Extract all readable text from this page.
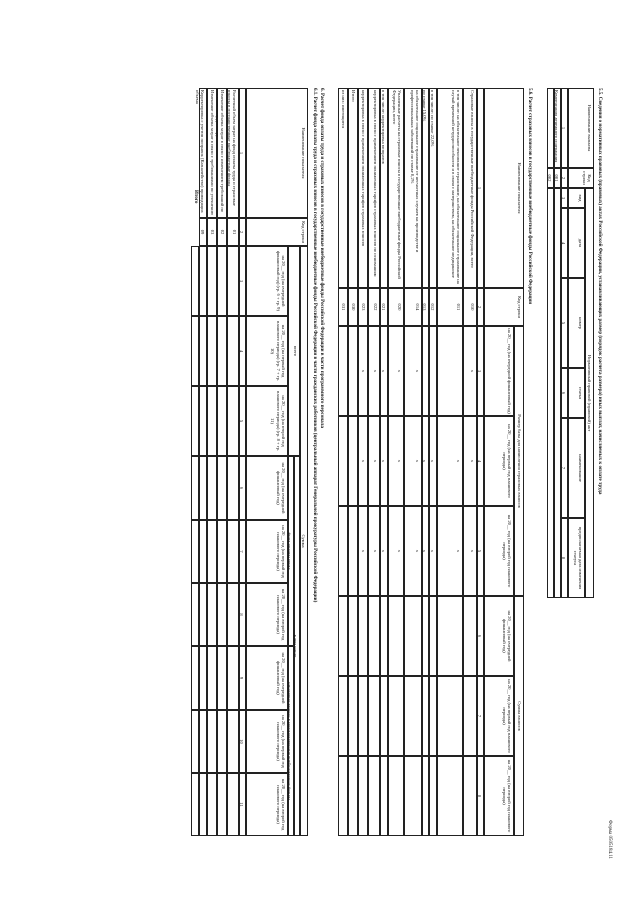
Форма 0505184.11
5.5. Сведения о нормативных правовых (правовых) актах Российской Федерации, устанавливающих размер (порядок расчета размера) иных выплат, начисляемых к оплате труда
Наименование выплаты
Код строки
Нормативный правовой (правовой) акт
вид
дата
номер
статья
наименование
предполагаемая дата изменения статуса
1
2
3
4
5
6
7
8
Компенсация денежного содержания
001
002
5.6. Расчет страховых взносов в государственные внебюджетные фонды Российской Федерации
Наименование показателя
Код строки
Размер базы для начисления страховых взносов
Сумма взносов
на 20__ год (на очередной финансовый год)
на 20__ год (на первый год планового периода)
на 20__ год (на второй год планового периода)
на 20__ год (на очередной финансовый год)
на 20__ год (на первый год планового периода)
на 20__ год (на второй год планового периода)
1
2
3
4
5
6
7
8
Страховые взносы в государственные внебюджетные фонды Российской Федерации, всего
010
x
x
x
в том числе: на обязательное пенсионное страхование, на обязательное социальное страхование на случай временной нетрудоспособности и в связи с материнством, на обязательное медицинское
011
x
x
в том числе: по ставке 22,0%
012
x
x
по ставке 15,0%
013
x
x
на обязательное социальное страхование от несчастных случаев на производстве и профессиональных заболеваний по ставке 0,2%
014
x
x
x
Уплаченные расчеты на страховые взносы в государственные внебюджетные фонды Российской Федерации, всего
020
x
x
x
в том числе: корректировка возвратов
021
x
x
x
корректировка в связи с применением пониженных тарифов страховых взносов по основаниям
022
x
x
x
корректировка в связи с применением пониженных тарифов страховых взносов
023
x
x
x
Итого
030
из них: имеющиеся
031
6. Расчет фонда оплаты труда и страховых взносов в государственные внебюджетные фонды Российской Федерации в части программного персонала
6.1. Расчет фонда оплаты труда и страховых взносов в государственные внебюджетные фонды Российской Федерации в части гражданских работников (центральный аппарат Генеральной прокуратуры Российской Федерации)
Наименование показателя
Код строки
Сумма
всего
в том числе
фонд оплаты труда
страховые взносы в государственные внебюджетные фонды
на 20__ год (на очередной финансовый год) (гр. 6 + гр. 9)
на 20__ год (на первый год планового периода) (гр. 7 + гр. 10)
на 20__ год (на второй год планового периода) (гр. 8 + гр. 11)
на 20__ год (на очередной финансовый год)
на 20__ год (на первый год планового периода)
на 20__ год (на второй год планового периода)
на 20__ год (на очередной финансовый год)
на 20__ год (на первый год планового периода)
на 20__ год (на второй год планового периода)
1
2
3
4
5
6
7
8
9
10
11
Расчетный объем затрат на фонд оплаты труда и страховые взносы в государственные внебюджетные фонды
01
Изменение объема затрат в связи с изменением требований по заключенному договору
02
Изменение объема затрат в связи с требованиями по уточнению
03
Корректировка с учетом поправок (Казначейство) приводящих объема
09
Итого
